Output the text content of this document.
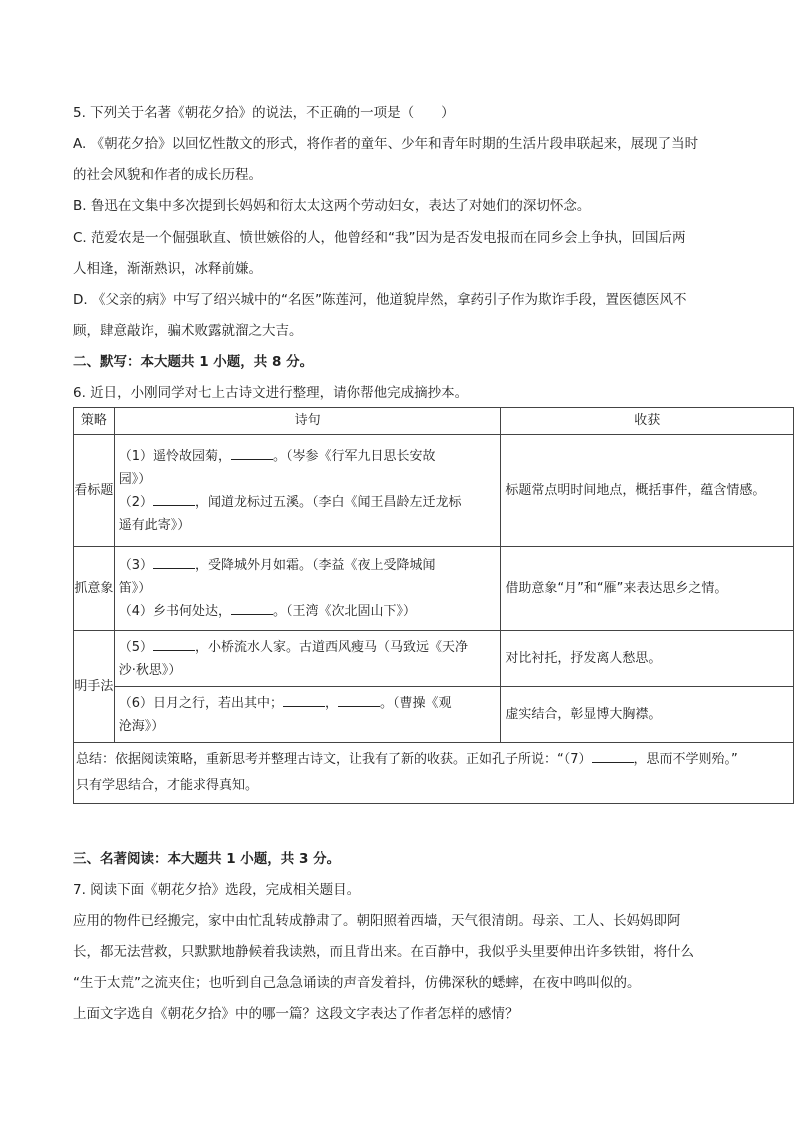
5. 下列关于名著《朝花夕拾》的说法，不正确的一项是（　　）
A. 《朝花夕拾》以回忆性散文的形式，将作者的童年、少年和青年时期的生活片段串联起来，展现了当时
的社会风貌和作者的成长历程。
B. 鲁迅在文集中多次提到长妈妈和衍太太这两个劳动妇女，表达了对她们的深切怀念。
C. 范爱农是一个倔强耿直、愤世嫉俗的人，他曾经和“我”因为是否发电报而在同乡会上争执，回国后两
人相逢，渐渐熟识，冰释前嫌。
D. 《父亲的病》中写了绍兴城中的“名医”陈莲河，他道貌岸然，拿药引子作为欺诈手段，置医德医风不
顾，肆意敲诈，骗术败露就溜之大吉。
二、默写：本大题共 1 小题，共 8 分。
6. 近日，小刚同学对七上古诗文进行整理，请你帮他完成摘抄本。
策略	诗句	收获
看标题	（1）遥怜故园菊， 。（岑参《行军九日思长安故
园》）
（2） ，闻道龙标过五溪。（李白《闻王昌龄左迁龙标
遥有此寄》）	标题常点明时间地点，概括事件，蕴含情感。
抓意象	（3） ，受降城外月如霜。（李益《夜上受降城闻
笛》）
（4）乡书何处达， 。（王湾《次北固山下》）	借助意象“月”和“雁”来表达思乡之情。
明手法	（5） ，小桥流水人家。古道西风瘦马（马致远《天净
沙·秋思》）	对比衬托，抒发离人愁思。

	（6）日月之行，若出其中； ， 。（曹操《观
沧海》）	虚实结合，彰显博大胸襟。

总结：依据阅读策略，重新思考并整理古诗文，让我有了新的收获。正如孔子所说：“（7） ，思而不学则殆。”
只有学思结合，才能求得真知。		
三、名著阅读：本大题共 1 小题，共 3 分。
7. 阅读下面《朝花夕拾》选段，完成相关题目。
应用的物件已经搬完，家中由忙乱转成静肃了。朝阳照着西墙，天气很清朗。母亲、工人、长妈妈即阿
长，都无法营救，只默默地静候着我读熟，而且背出来。在百静中，我似乎头里要伸出许多铁钳，将什么
“生于太荒”之流夹住；也听到自己急急诵读的声音发着抖，仿佛深秋的蟋蟀，在夜中鸣叫似的。
上面文字选自《朝花夕拾》中的哪一篇？这段文字表达了作者怎样的感情？
